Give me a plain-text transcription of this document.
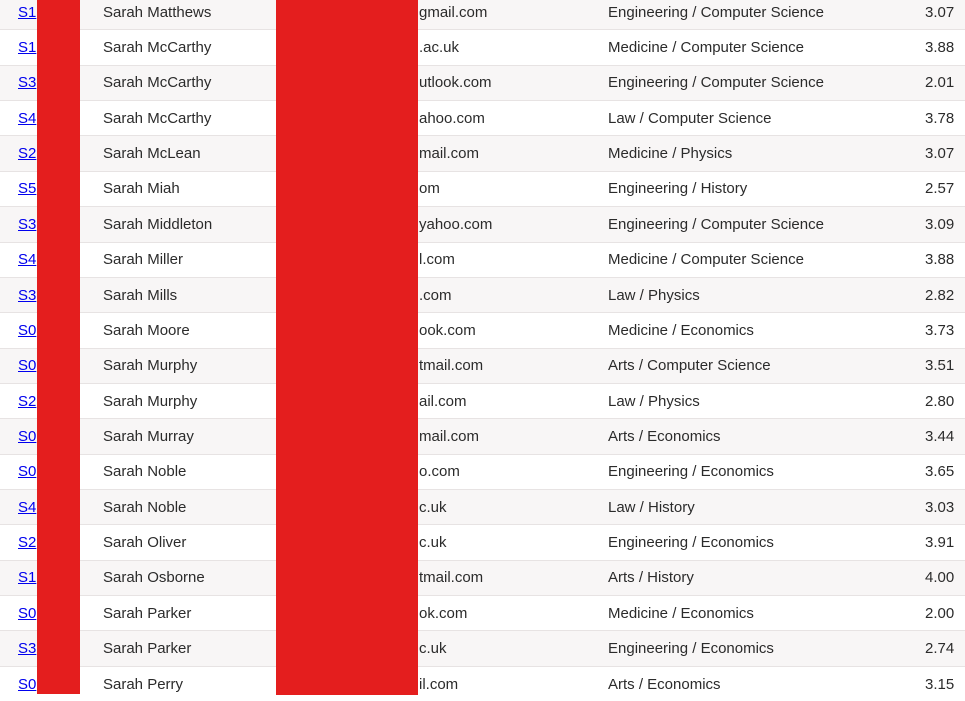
S1	Sarah Matthews	gmail.com	Engineering / Computer Science	3.07
S1	Sarah McCarthy	.ac.uk	Medicine / Computer Science	3.88
S3	Sarah McCarthy	utlook.com	Engineering / Computer Science	2.01
S4	Sarah McCarthy	ahoo.com	Law / Computer Science	3.78
S2	Sarah McLean	mail.com	Medicine / Physics	3.07
S5	Sarah Miah	om	Engineering / History	2.57
S3	Sarah Middleton	yahoo.com	Engineering / Computer Science	3.09
S4	Sarah Miller	l.com	Medicine / Computer Science	3.88
S3	Sarah Mills	.com	Law / Physics	2.82
S0	Sarah Moore	ook.com	Medicine / Economics	3.73
S0	Sarah Murphy	tmail.com	Arts / Computer Science	3.51
S2	Sarah Murphy	ail.com	Law / Physics	2.80
S0	Sarah Murray	mail.com	Arts / Economics	3.44
S0	Sarah Noble	o.com	Engineering / Economics	3.65
S4	Sarah Noble	c.uk	Law / History	3.03
S2	Sarah Oliver	c.uk	Engineering / Economics	3.91
S1	Sarah Osborne	tmail.com	Arts / History	4.00
S0	Sarah Parker	ok.com	Medicine / Economics	2.00
S3	Sarah Parker	c.uk	Engineering / Economics	2.74
S0	Sarah Perry	il.com	Arts / Economics	3.15
